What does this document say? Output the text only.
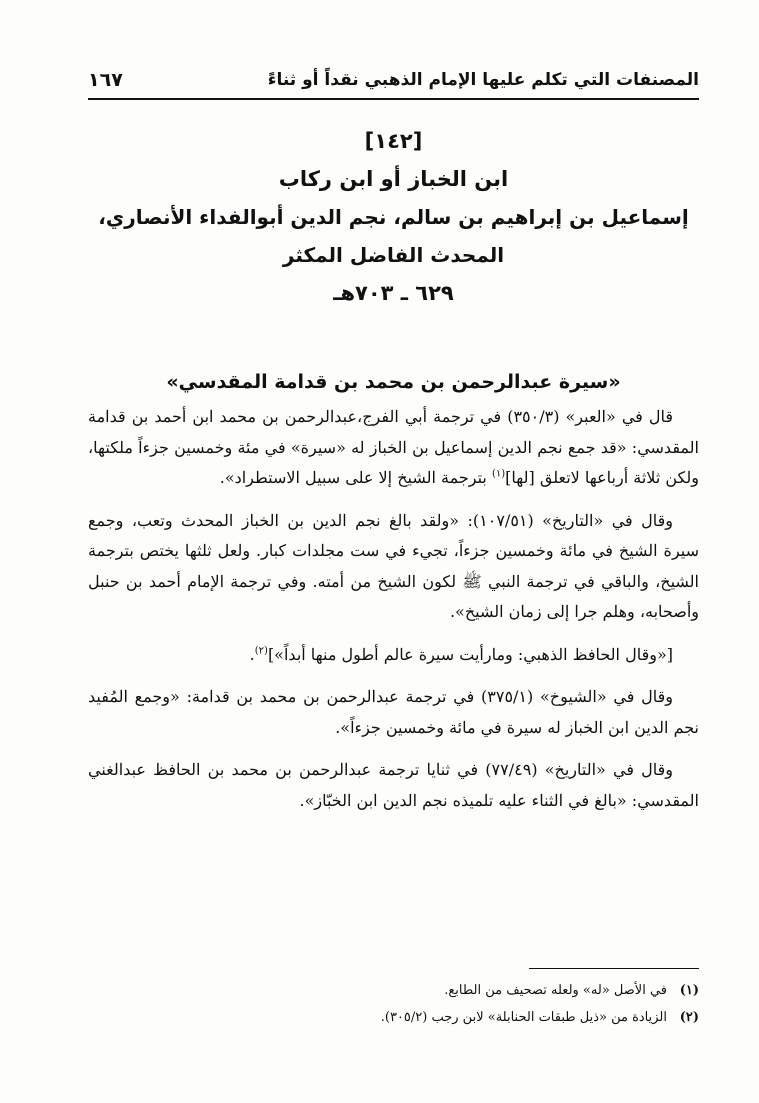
المصنفات التي تكلم عليها الإمام الذهبي نقداً أو ثناءً
١٦٧
[١٤٢]
ابن الخباز أو ابن ركاب
إسماعيل بن إبراهيم بن سالم، نجم الدين أبوالفداء الأنصاري،
المحدث الفاضل المكثر
٦٢٩ ـ ٧٠٣هـ
«سيرة عبدالرحمن بن محمد بن قدامة المقدسي»

قال في «العبر» (٣٥٠/٣) في ترجمة أبي الفرج،عبدالرحمن بن محمد ابن أحمد بن قدامة المقدسي: «قد جمع نجم الدين إسماعيل بن الخباز له «سيرة» في مئة وخمسين جزءاً ملكتها، ولكن ثلاثة أرباعها لاتعلق [لها]$^{(١)}$ بترجمة الشيخ إلا على سبيل الاستطراد».

وقال في «التاريخ» (١٠٧/٥١): «ولقد بالغ نجم الدين بن الخباز المحدث وتعب، وجمع سيرة الشيخ في مائة وخمسين جزءاً، تجيء في ست مجلدات كبار. ولعل ثلثها يختص بترجمة الشيخ، والباقي في ترجمة النبي ﷺ لكون الشيخ من أمته. وفي ترجمة الإمام أحمد بن حنبل وأصحابه، وهلم جرا إلى زمان الشيخ».

[«وقال الحافظ الذهبي: ومارأيت سيرة عالم أطول منها أبداً»]$^{(٢)}$.

وقال في «الشيوخ» (٣٧٥/١) في ترجمة عبدالرحمن بن محمد بن قدامة: «وجمع المُفيد نجم الدين ابن الخباز له سيرة في مائة وخمسين جزءاً».

وقال في «التاريخ» (٧٧/٤٩) في ثنايا ترجمة عبدالرحمن بن محمد بن الحافظ عبدالغني المقدسي: «بالغ في الثناء عليه تلميذه نجم الدين ابن الخبّاز».

(١)
في الأصل «له» ولعله تصحيف من الطابع.
(٢)
الزيادة من «ذيل طبقات الحنابلة» لابن رجب (٣٠٥/٢).
